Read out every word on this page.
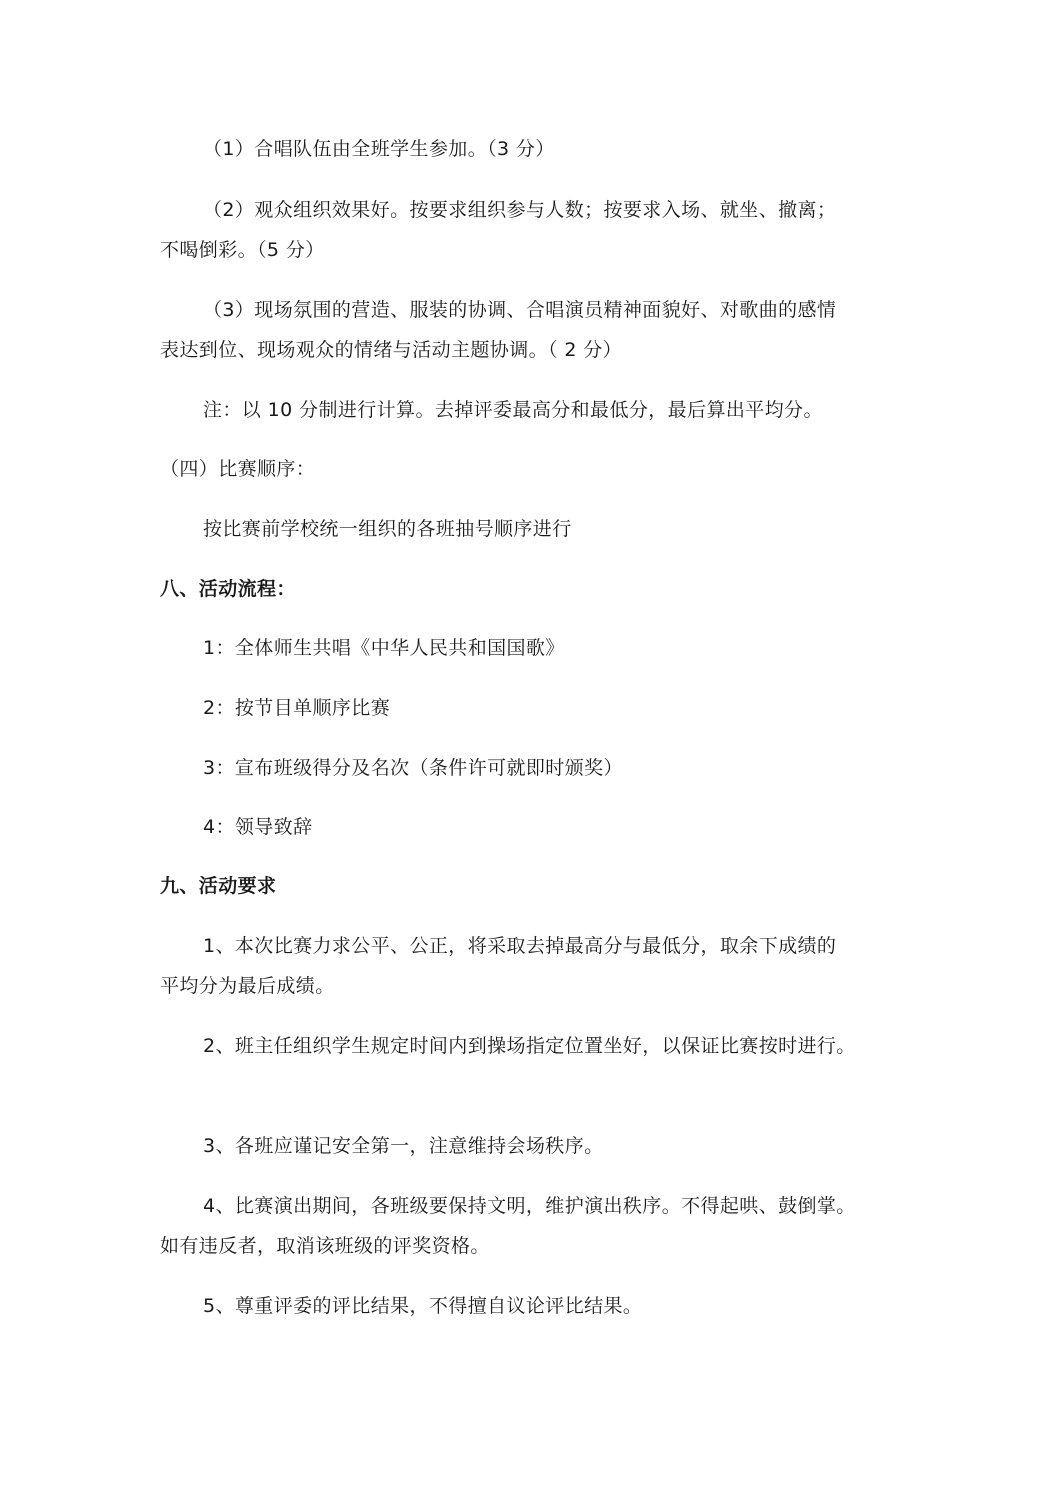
（1）合唱队伍由全班学生参加。（3 分）
（2）观众组织效果好。按要求组织参与人数；按要求入场、就坐、撤离；
不喝倒彩。（5 分）
（3）现场氛围的营造、服装的协调、合唱演员精神面貌好、对歌曲的感情
表达到位、现场观众的情绪与活动主题协调。（ 2 分）
注：以 10 分制进行计算。去掉评委最高分和最低分，最后算出平均分。
（四）比赛顺序：
按比赛前学校统一组织的各班抽号顺序进行
八、活动流程：
1：全体师生共唱《中华人民共和国国歌》
2：按节目单顺序比赛
3：宣布班级得分及名次（条件许可就即时颁奖）
4：领导致辞
九、活动要求
1、本次比赛力求公平、公正，将采取去掉最高分与最低分，取余下成绩的
平均分为最后成绩。
2、班主任组织学生规定时间内到操场指定位置坐好，以保证比赛按时进行。
3、各班应谨记安全第一，注意维持会场秩序。
4、比赛演出期间，各班级要保持文明，维护演出秩序。不得起哄、鼓倒掌。
如有违反者，取消该班级的评奖资格。
5、尊重评委的评比结果，不得擅自议论评比结果。
